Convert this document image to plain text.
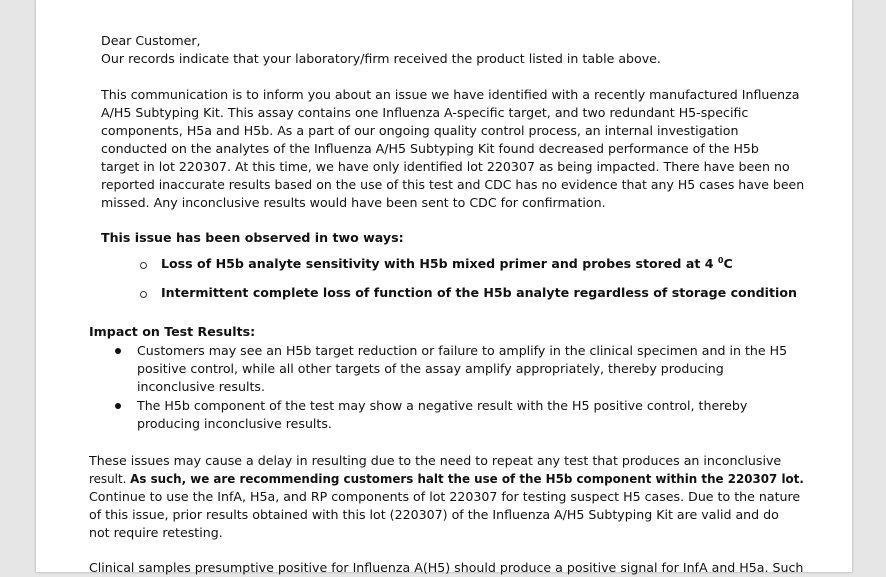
Dear Customer,
Our records indicate that your laboratory/firm received the product listed in table above.
This communication is to inform you about an issue we have identified with a recently manufactured Influenza
A/H5 Subtyping Kit. This assay contains one Influenza A-specific target, and two redundant H5-specific
components, H5a and H5b. As a part of our ongoing quality control process, an internal investigation
conducted on the analytes of the Influenza A/H5 Subtyping Kit found decreased performance of the H5b
target in lot 220307. At this time, we have only identified lot 220307 as being impacted. There have been no
reported inaccurate results based on the use of this test and CDC has no evidence that any H5 cases have been
missed. Any inconclusive results would have been sent to CDC for confirmation.
This issue has been observed in two ways:
Loss of H5b analyte sensitivity with H5b mixed primer and probes stored at 4 $^0$C
Intermittent complete loss of function of the H5b analyte regardless of storage condition
Impact on Test Results:
Customers may see an H5b target reduction or failure to amplify in the clinical specimen and in the H5
positive control, while all other targets of the assay amplify appropriately, thereby producing
inconclusive results.
The H5b component of the test may show a negative result with the H5 positive control, thereby
producing inconclusive results.
These issues may cause a delay in resulting due to the need to repeat any test that produces an inconclusive
result. As such, we are recommending customers halt the use of the H5b component within the 220307 lot.
Continue to use the InfA, H5a, and RP components of lot 220307 for testing suspect H5 cases. Due to the nature
of this issue, prior results obtained with this lot (220307) of the Influenza A/H5 Subtyping Kit are valid and do
not require retesting.
Clinical samples presumptive positive for Influenza A(H5) should produce a positive signal for InfA and H5a. Such
